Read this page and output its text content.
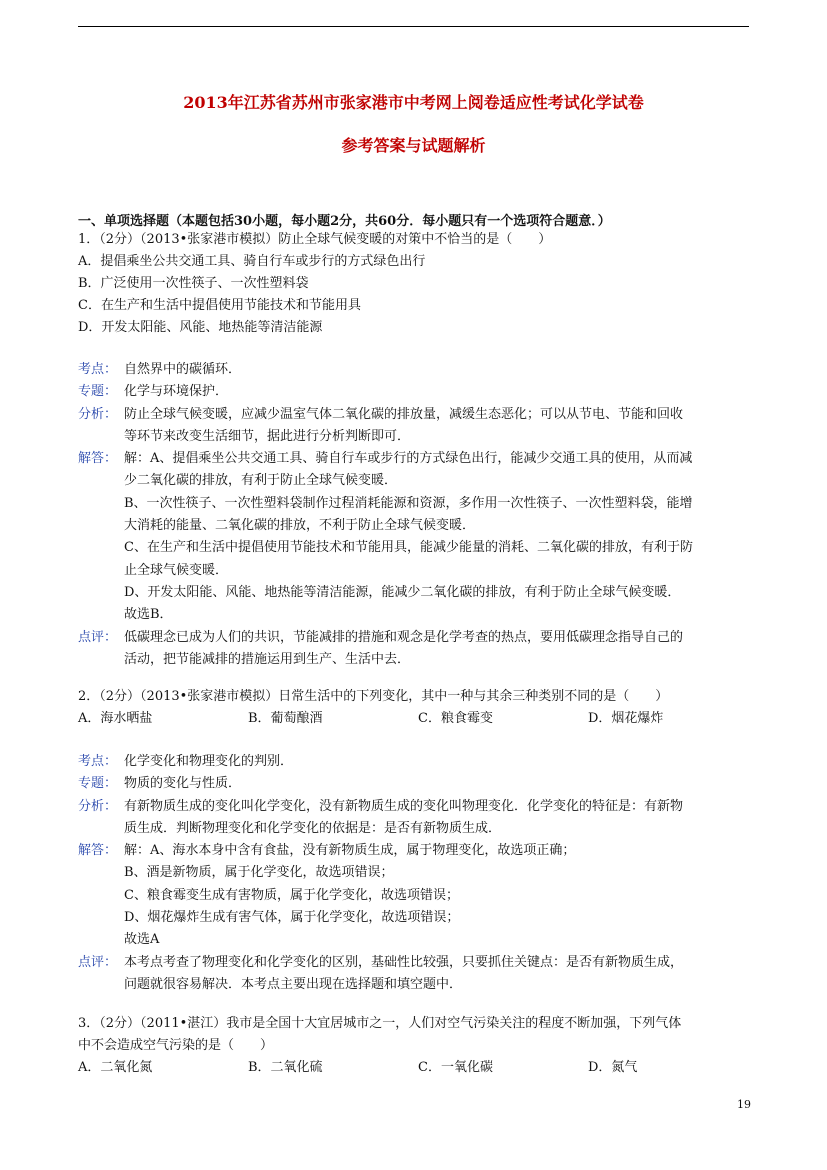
2013年江苏省苏州市张家港市中考网上阅卷适应性考试化学试卷
参考答案与试题解析
一、单项选择题（本题包括30小题，每小题2分，共60分．每小题只有一个选项符合题意．）
1．（2分）（2013•张家港市模拟）防止全球气候变暖的对策中不恰当的是（　　）
A．提倡乘坐公共交通工具、骑自行车或步行的方式绿色出行
B．广泛使用一次性筷子、一次性塑料袋
C．在生产和生活中提倡使用节能技术和节能用具
D．开发太阳能、风能、地热能等清洁能源
考点： 自然界中的碳循环．
专题： 化学与环境保护．
分析： 防止全球气候变暖，应减少温室气体二氧化碳的排放量，减缓生态恶化；可以从节电、节能和回收
等环节来改变生活细节，据此进行分析判断即可．
解答： 解：A、提倡乘坐公共交通工具、骑自行车或步行的方式绿色出行，能减少交通工具的使用，从而减
少二氧化碳的排放，有利于防止全球气候变暖．
B、一次性筷子、一次性塑料袋制作过程消耗能源和资源，多作用一次性筷子、一次性塑料袋，能增
大消耗的能量、二氧化碳的排放，不利于防止全球气候变暖．
C、在生产和生活中提倡使用节能技术和节能用具，能减少能量的消耗、二氧化碳的排放，有利于防
止全球气候变暖．
D、开发太阳能、风能、地热能等清洁能源，能减少二氧化碳的排放，有利于防止全球气候变暖．
故选B．
点评： 低碳理念已成为人们的共识，节能减排的措施和观念是化学考查的热点，要用低碳理念指导自己的
活动，把节能减排的措施运用到生产、生活中去．
2．（2分）（2013•张家港市模拟）日常生活中的下列变化，其中一种与其余三种类别不同的是（　　）
A．海水晒盐	B．葡萄酿酒	C．粮食霉变	D．烟花爆炸
考点： 化学变化和物理变化的判别．
专题： 物质的变化与性质．
分析： 有新物质生成的变化叫化学变化，没有新物质生成的变化叫物理变化．化学变化的特征是：有新物
质生成．判断物理变化和化学变化的依据是：是否有新物质生成．
解答： 解：A、海水本身中含有食盐，没有新物质生成，属于物理变化，故选项正确；
B、酒是新物质，属于化学变化，故选项错误；
C、粮食霉变生成有害物质，属于化学变化，故选项错误；
D、烟花爆炸生成有害气体，属于化学变化，故选项错误；
故选A
点评： 本考点考查了物理变化和化学变化的区别，基础性比较强，只要抓住关键点：是否有新物质生成，
问题就很容易解决．本考点主要出现在选择题和填空题中．
3．（2分）（2011•湛江）我市是全国十大宜居城市之一，人们对空气污染关注的程度不断加强，下列气体
中不会造成空气污染的是（　　）
A．二氧化氮	B．二氧化硫	C．一氧化碳	D．氮气
19
